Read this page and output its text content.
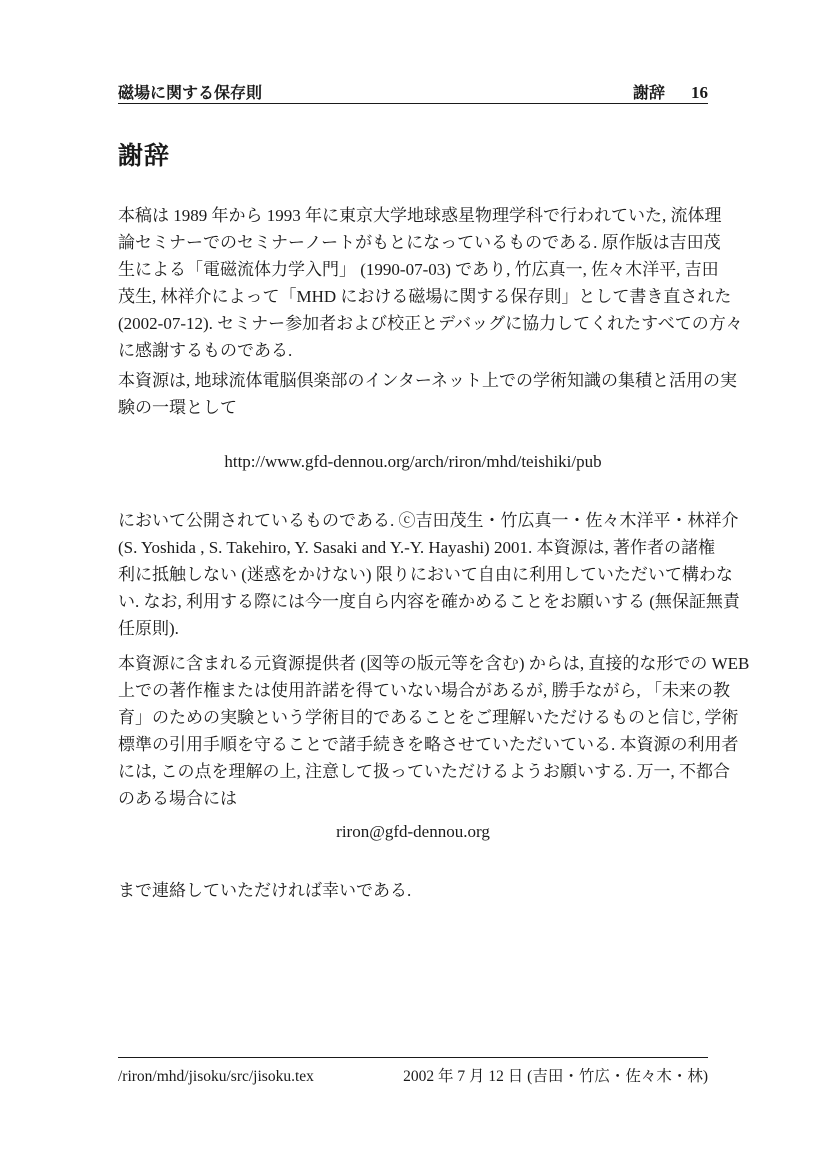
磁場に関する保存則	謝辞 16
謝辞
本稿は 1989 年から 1993 年に東京大学地球惑星物理学科で行われていた, 流体理
論セミナーでのセミナーノートがもとになっているものである. 原作版は吉田茂
生による「電磁流体力学入門」 (1990-07-03) であり, 竹広真一, 佐々木洋平, 吉田
茂生, 林祥介によって「MHD における磁場に関する保存則」として書き直された
(2002-07-12). セミナー参加者および校正とデバッグに協力してくれたすべての方々
に感謝するものである.
本資源は, 地球流体電脳倶楽部のインターネット上での学術知識の集積と活用の実
験の一環として
http://www.gfd-dennou.org/arch/riron/mhd/teishiki/pub
において公開されているものである. ⓒ吉田茂生・竹広真一・佐々木洋平・林祥介
(S. Yoshida , S. Takehiro, Y. Sasaki and Y.-Y. Hayashi) 2001. 本資源は, 著作者の諸権
利に抵触しない (迷惑をかけない) 限りにおいて自由に利用していただいて構わな
い. なお, 利用する際には今一度自ら内容を確かめることをお願いする (無保証無責
任原則).
本資源に含まれる元資源提供者 (図等の版元等を含む) からは, 直接的な形での WEB
上での著作権または使用許諾を得ていない場合があるが, 勝手ながら, 「未来の教
育」のための実験という学術目的であることをご理解いただけるものと信じ, 学術
標準の引用手順を守ることで諸手続きを略させていただいている. 本資源の利用者
には, この点を理解の上, 注意して扱っていただけるようお願いする. 万一, 不都合
のある場合には
riron@gfd-dennou.org
まで連絡していただければ幸いである.
/riron/mhd/jisoku/src/jisoku.tex	2002 年 7 月 12 日 (吉田・竹広・佐々木・林)
